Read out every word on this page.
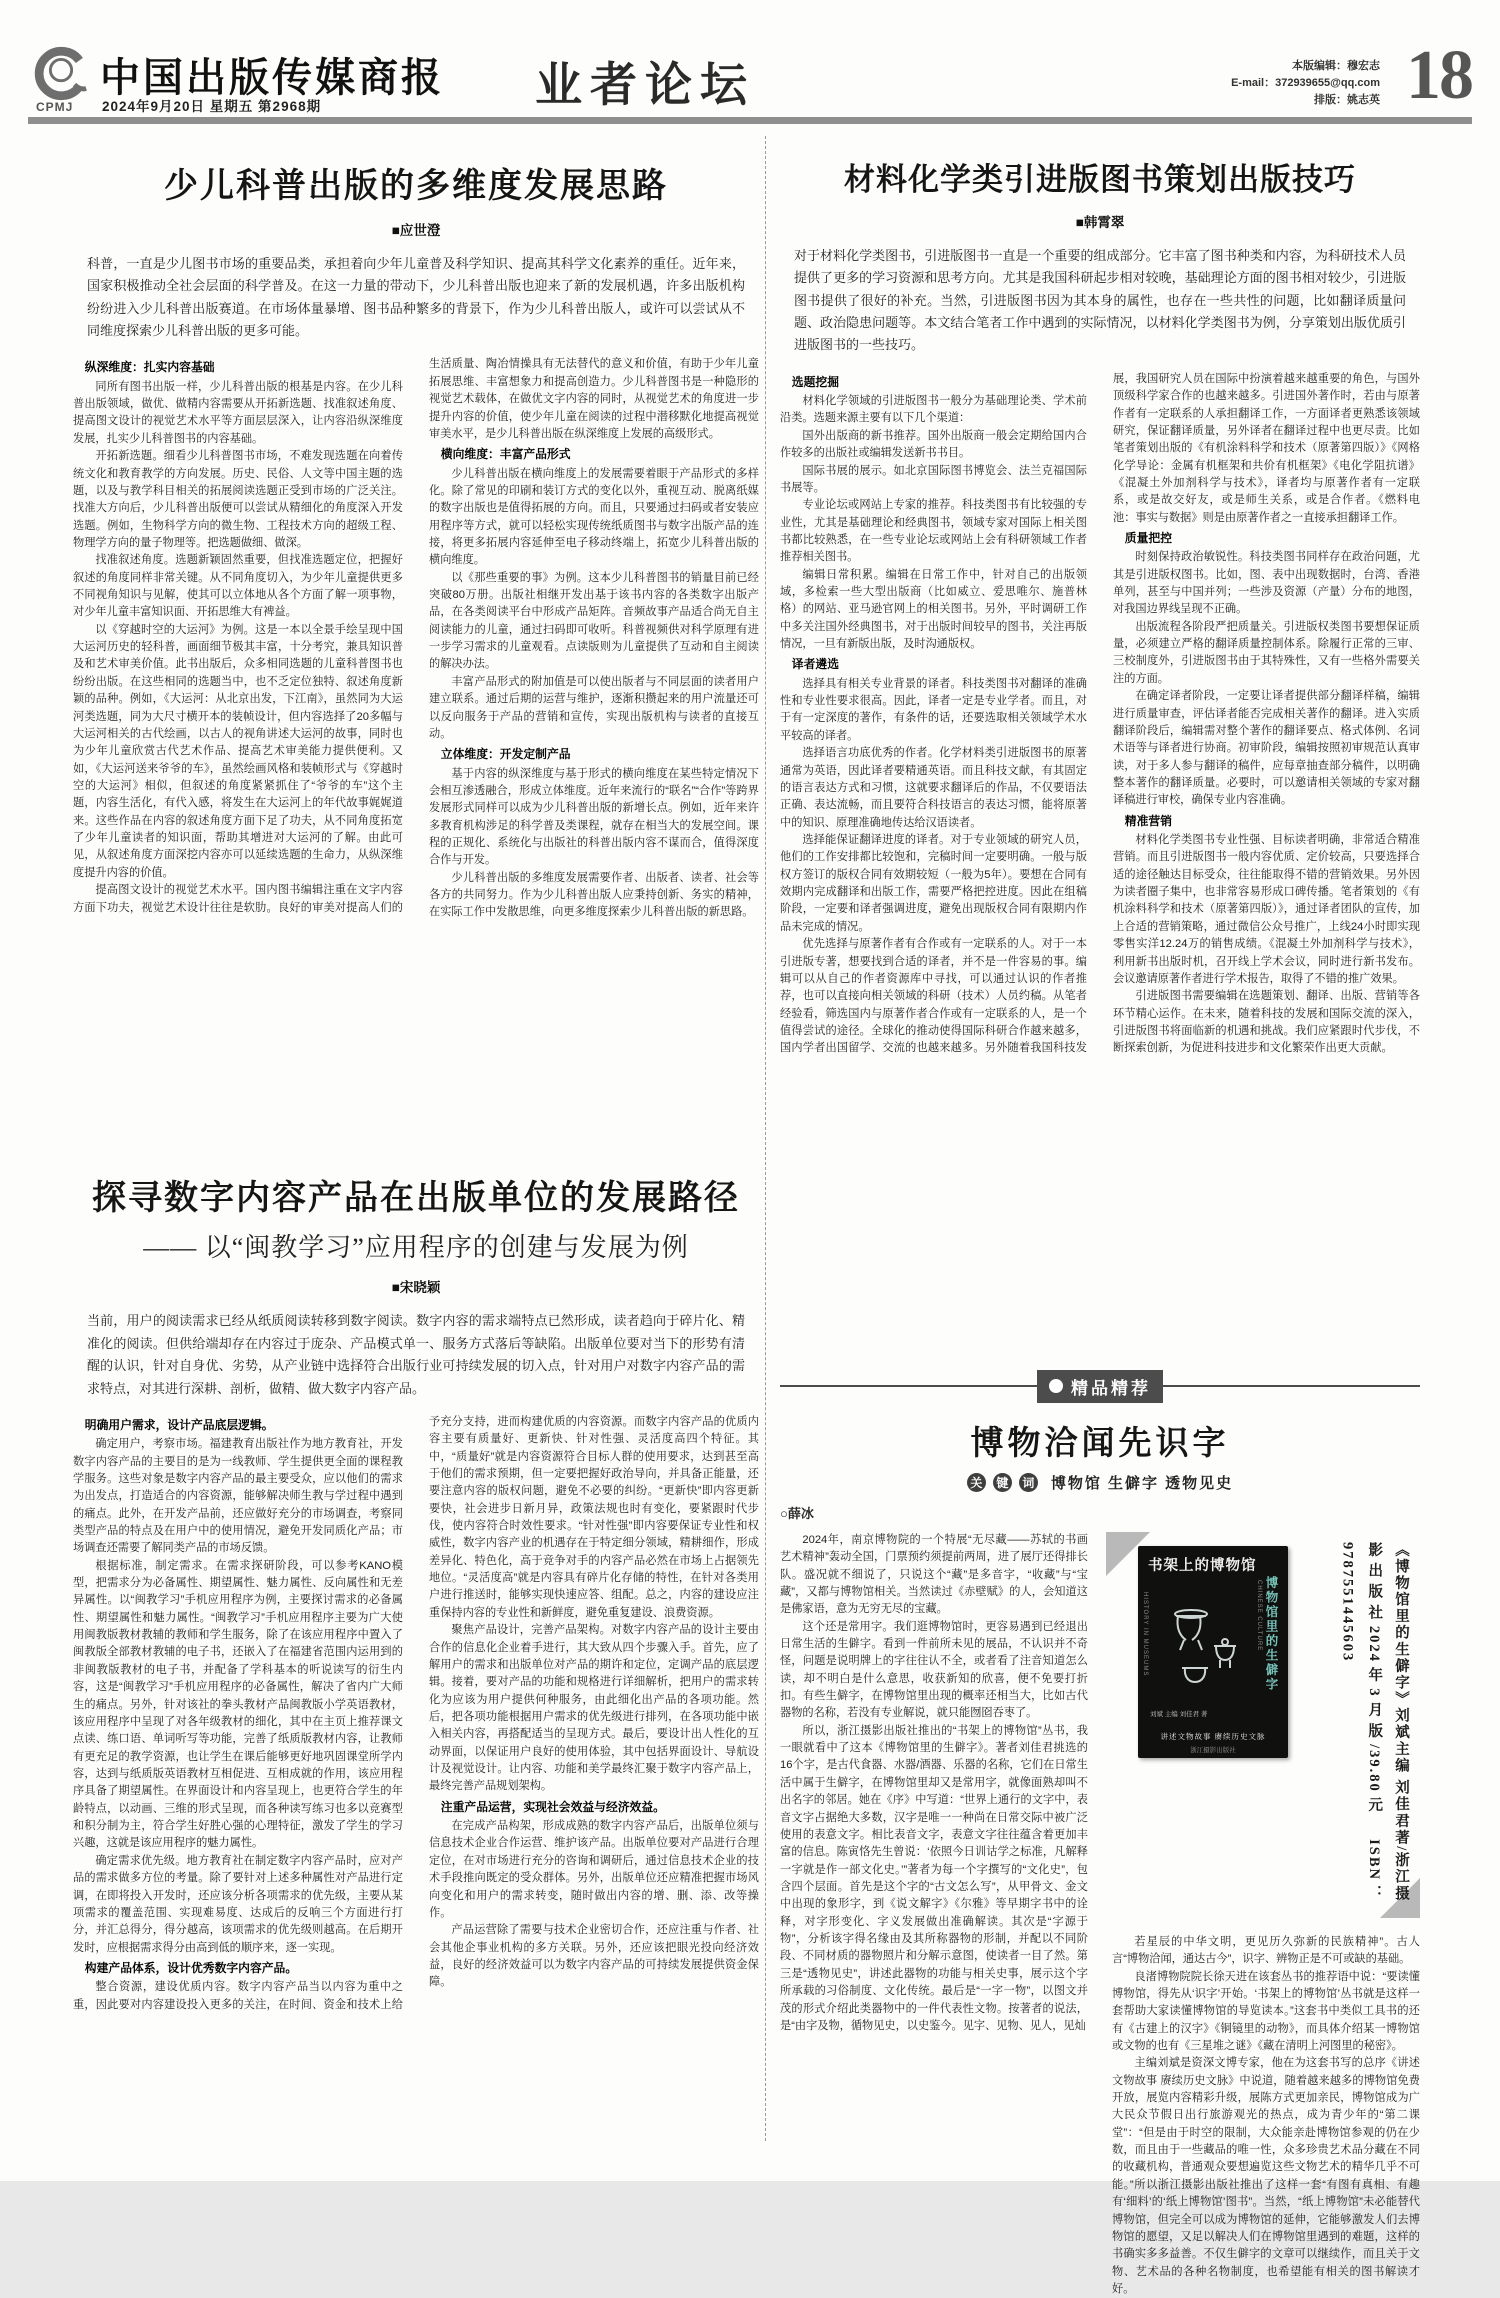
CPMJ
中国出版传媒商报
2024年9月20日 星期五 第2968期	业者论坛	本版编辑：穆宏志
E-mail：372939655@qq.com
排版：姚志英 18
少儿科普出版的多维度发展思路
■应世澄

科普，一直是少儿图书市场的重要品类，承担着向少年儿童普及科学知识、提高其科学文化素养的重任。近年来，国家积极推动全社会层面的科学普及。在这一力量的带动下，少儿科普出版也迎来了新的发展机遇，许多出版机构纷纷进入少儿科普出版赛道。在市场体量暴增、图书品种繁多的背景下，作为少儿科普出版人，或许可以尝试从不同维度探索少儿科普出版的更多可能。

纵深维度：扎实内容基础

同所有图书出版一样，少儿科普出版的根基是内容。在少儿科普出版领域，做优、做精内容需要从开拓新选题、找准叙述角度、提高图文设计的视觉艺术水平等方面层层深入，让内容沿纵深维度发展，扎实少儿科普图书的内容基础。

开拓新选题。细看少儿科普图书市场，不难发现选题在向着传统文化和教育教学的方向发展。历史、民俗、人文等中国主题的选题，以及与教学科目相关的拓展阅读选题正受到市场的广泛关注。找准大方向后，少儿科普出版便可以尝试从精细化的角度深入开发选题。例如，生物科学方向的微生物、工程技术方向的超级工程、物理学方向的量子物理等。把选题做细、做深。

找准叙述角度。选题新颖固然重要，但找准选题定位，把握好叙述的角度同样非常关键。从不同角度切入，为少年儿童提供更多不同视角知识与见解，使其可以立体地从各个方面了解一项事物，对少年儿童丰富知识面、开拓思维大有裨益。

以《穿越时空的大运河》为例。这是一本以全景手绘呈现中国大运河历史的轻科普，画面细节极其丰富，十分考究，兼具知识普及和艺术审美价值。此书出版后，众多相同选题的儿童科普图书也纷纷出版。在这些相同的选题当中，也不乏定位独特、叙述角度新颖的品种。例如，《大运河：从北京出发，下江南》，虽然同为大运河类选题，同为大尺寸横开本的装帧设计，但内容选择了20多幅与大运河相关的古代绘画，以古人的视角讲述大运河的故事，同时也为少年儿童欣赏古代艺术作品、提高艺术审美能力提供便利。又如，《大运河送来爷爷的车》，虽然绘画风格和装帧形式与《穿越时空的大运河》相似，但叙述的角度紧紧抓住了“爷爷的车”这个主题，内容生活化，有代入感，将发生在大运河上的年代故事娓娓道来。这些作品在内容的叙述角度方面下足了功夫，从不同角度拓宽了少年儿童读者的知识面，帮助其增进对大运河的了解。由此可见，从叙述角度方面深挖内容亦可以延续选题的生命力，从纵深维度提升内容的价值。

提高图文设计的视觉艺术水平。国内图书编辑注重在文字内容方面下功夫，视觉艺术设计往往是软肋。良好的审美对提高人们的生活质量、陶冶情操具有无法替代的意义和价值，有助于少年儿童拓展思维、丰富想象力和提高创造力。少儿科普图书是一种隐形的视觉艺术载体，在做优文字内容的同时，从视觉艺术的角度进一步提升内容的价值，使少年儿童在阅读的过程中潜移默化地提高视觉审美水平，是少儿科普出版在纵深维度上发展的高级形式。

横向维度：丰富产品形式

少儿科普出版在横向维度上的发展需要着眼于产品形式的多样化。除了常见的印刷和装订方式的变化以外，重视互动、脱离纸媒的数字出版也是值得拓展的方向。而且，只要通过扫码或者安装应用程序等方式，就可以轻松实现传统纸质图书与数字出版产品的连接，将更多拓展内容延伸至电子移动终端上，拓宽少儿科普出版的横向维度。

以《那些重要的事》为例。这本少儿科普图书的销量目前已经突破80万册。出版社相继开发出基于该书内容的各类数字出版产品，在各类阅读平台中形成产品矩阵。音频故事产品适合尚无自主阅读能力的儿童，通过扫码即可收听。科普视频供对科学原理有进一步学习需求的儿童观看。点读版则为儿童提供了互动和自主阅读的解决办法。

丰富产品形式的附加值是可以使出版者与不同层面的读者用户建立联系。通过后期的运营与维护，逐渐积攒起来的用户流量还可以反向服务于产品的营销和宣传，实现出版机构与读者的直接互动。

立体维度：开发定制产品

基于内容的纵深维度与基于形式的横向维度在某些特定情况下会相互渗透融合，形成立体维度。近年来流行的“联名”“合作”等跨界发展形式同样可以成为少儿科普出版的新增长点。例如，近年来许多教育机构涉足的科学普及类课程，就存在相当大的发展空间。课程的正规化、系统化与出版社的科普出版内容不谋而合，值得深度合作与开发。

少儿科普出版的多维度发展需要作者、出版者、读者、社会等各方的共同努力。作为少儿科普出版人应秉持创新、务实的精神，在实际工作中发散思维，向更多维度探索少儿科普出版的新思路。

探寻数字内容产品在出版单位的发展路径
—— 以“闽教学习”应用程序的创建与发展为例
■宋晓颖

当前，用户的阅读需求已经从纸质阅读转移到数字阅读。数字内容的需求端特点已然形成，读者趋向于碎片化、精准化的阅读。但供给端却存在内容过于庞杂、产品模式单一、服务方式落后等缺陷。出版单位要对当下的形势有清醒的认识，针对自身优、劣势，从产业链中选择符合出版行业可持续发展的切入点，针对用户对数字内容产品的需求特点，对其进行深耕、剖析，做精、做大数字内容产品。

明确用户需求，设计产品底层逻辑。

确定用户，考察市场。福建教育出版社作为地方教育社，开发数字内容产品的主要目的是为一线教师、学生提供更全面的课程教学服务。这些对象是数字内容产品的最主要受众，应以他们的需求为出发点，打造适合的内容资源，能够解决师生教与学过程中遇到的痛点。此外，在开发产品前，还应做好充分的市场调查，考察同类型产品的特点及在用户中的使用情况，避免开发同质化产品；市场调查还需要了解同类产品的市场反馈。

根据标准，制定需求。在需求探研阶段，可以参考KANO模型，把需求分为必备属性、期望属性、魅力属性、反向属性和无差异属性。以“闽教学习”手机应用程序为例，主要探讨需求的必备属性、期望属性和魅力属性。“闽教学习”手机应用程序主要为广大使用闽教版教材教辅的教师和学生服务，除了在该应用程序中置入了闽教版全部教材教辅的电子书，还嵌入了在福建省范围内运用到的非闽教版教材的电子书，并配备了学科基本的听说读写的衍生内容，这是“闽教学习”手机应用程序的必备属性，解决了省内广大师生的痛点。另外，针对该社的拳头教材产品闽教版小学英语教材，该应用程序中呈现了对各年级教材的细化，其中在主页上推荐课文点读、练口语、单词听写等功能，完善了纸质版教材内容，让教师有更充足的教学资源，也让学生在课后能够更好地巩固课堂所学内容，达到与纸质版英语教材互相促进、互相成就的作用，该应用程序具备了期望属性。在界面设计和内容呈现上，也更符合学生的年龄特点，以动画、三维的形式呈现，而各种读写练习也多以竞赛型和积分制为主，符合学生好胜心强的心理特征，激发了学生的学习兴趣，这就是该应用程序的魅力属性。

确定需求优先级。地方教育社在制定数字内容产品时，应对产品的需求做多方位的考量。除了要针对上述多种属性对产品进行定调，在即将投入开发时，还应该分析各项需求的优先级，主要从某项需求的覆盖范围、实现难易度、达成后的反响三个方面进行打分，并汇总得分，得分越高，该项需求的优先级则越高。在后期开发时，应根据需求得分由高到低的顺序来，逐一实现。

构建产品体系，设计优秀数字内容产品。

整合资源，建设优质内容。数字内容产品当以内容为重中之重，因此要对内容建设投入更多的关注，在时间、资金和技术上给予充分支持，进而构建优质的内容资源。而数字内容产品的优质内容主要有质量好、更新快、针对性强、灵活度高四个特征。其中，“质量好”就是内容资源符合目标人群的使用要求，达到甚至高于他们的需求预期，但一定要把握好政治导向，并具备正能量，还要注意内容的版权问题，避免不必要的纠纷。“更新快”即内容更新要快，社会进步日新月异，政策法规也时有变化，要紧跟时代步伐，使内容符合时效性要求。“针对性强”即内容要保证专业性和权威性，数字内容产业的机遇存在于特定细分领域，精耕细作，形成差异化、特色化，高于竞争对手的内容产品必然在市场上占据领先地位。“灵活度高”就是内容具有碎片化存储的特性，在针对各类用户进行推送时，能够实现快速应答、组配。总之，内容的建设应注重保持内容的专业性和新鲜度，避免重复建设、浪费资源。

聚焦产品设计，完善产品架构。对数字内容产品的设计主要由合作的信息化企业着手进行，其大致从四个步骤入手。首先，应了解用户的需求和出版单位对产品的期许和定位，定调产品的底层逻辑。接着，要对产品的功能和规格进行详细解析，把用户的需求转化为应该为用户提供何种服务，由此细化出产品的各项功能。然后，把各项功能根据用户需求的优先级进行排列，在各项功能中嵌入相关内容，再搭配适当的呈现方式。最后，要设计出人性化的互动界面，以保证用户良好的使用体验，其中包括界面设计、导航设计及视觉设计。让内容、功能和美学最终汇聚于数字内容产品上，最终完善产品规划架构。

注重产品运营，实现社会效益与经济效益。

在完成产品构架，形成成熟的数字内容产品后，出版单位须与信息技术企业合作运营、维护该产品。出版单位要对产品进行合理定位，在对市场进行充分的咨询和调研后，通过信息技术企业的技术手段推向既定的受众群体。另外，出版单位还应精准把握市场风向变化和用户的需求转变，随时做出内容的增、删、添、改等操作。

产品运营除了需要与技术企业密切合作，还应注重与作者、社会其他企事业机构的多方关联。另外，还应该把眼光投向经济效益，良好的经济效益可以为数字内容产品的可持续发展提供资金保障。

材料化学类引进版图书策划出版技巧
■韩霄翠

对于材料化学类图书，引进版图书一直是一个重要的组成部分。它丰富了图书种类和内容，为科研技术人员提供了更多的学习资源和思考方向。尤其是我国科研起步相对较晚，基础理论方面的图书相对较少，引进版图书提供了很好的补充。当然，引进版图书因为其本身的属性，也存在一些共性的问题，比如翻译质量问题、政治隐患问题等。本文结合笔者工作中遇到的实际情况，以材料化学类图书为例，分享策划出版优质引进版图书的一些技巧。

选题挖掘

材料化学领域的引进版图书一般分为基础理论类、学术前沿类。选题来源主要有以下几个渠道：

国外出版商的新书推荐。国外出版商一般会定期给国内合作较多的出版社或编辑发送新书书目。

国际书展的展示。如北京国际图书博览会、法兰克福国际书展等。

专业论坛或网站上专家的推荐。科技类图书有比较强的专业性，尤其是基础理论和经典图书，领域专家对国际上相关图书都比较熟悉，在一些专业论坛或网站上会有科研领域工作者推荐相关图书。

编辑日常积累。编辑在日常工作中，针对自己的出版领域，多检索一些大型出版商（比如威立、爱思唯尔、施普林格）的网站、亚马逊官网上的相关图书。另外，平时调研工作中多关注国外经典图书，对于出版时间较早的图书，关注再版情况，一旦有新版出版，及时沟通版权。

译者遴选

选择具有相关专业背景的译者。科技类图书对翻译的准确性和专业性要求很高。因此，译者一定是专业学者。而且，对于有一定深度的著作，有条件的话，还要选取相关领域学术水平较高的译者。

选择语言功底优秀的作者。化学材料类引进版图书的原著通常为英语，因此译者要精通英语。而且科技文献，有其固定的语言表达方式和习惯，这就要求翻译后的作品，不仅要语法正确、表达流畅，而且要符合科技语言的表达习惯，能将原著中的知识、原理准确地传达给汉语读者。

选择能保证翻译进度的译者。对于专业领域的研究人员，他们的工作安排都比较饱和，完稿时间一定要明确。一般与版权方签订的版权合同有效期较短（一般为5年）。要想在合同有效期内完成翻译和出版工作，需要严格把控进度。因此在组稿阶段，一定要和译者强调进度，避免出现版权合同有限期内作品未完成的情况。

优先选择与原著作者有合作或有一定联系的人。对于一本引进版专著，想要找到合适的译者，并不是一件容易的事。编辑可以从自己的作者资源库中寻找，可以通过认识的作者推荐，也可以直接向相关领域的科研（技术）人员约稿。从笔者经验看，筛选国内与原著作者合作或有一定联系的人，是一个值得尝试的途径。全球化的推动使得国际科研合作越来越多，国内学者出国留学、交流的也越来越多。另外随着我国科技发展，我国研究人员在国际中扮演着越来越重要的角色，与国外顶级科学家合作的也越来越多。引进国外著作时，若由与原著作者有一定联系的人承担翻译工作，一方面译者更熟悉该领域研究，保证翻译质量，另外译者在翻译过程中也更尽责。比如笔者策划出版的《有机涂料科学和技术（原著第四版）》《网格化学导论：金属有机框架和共价有机框架》《电化学阻抗谱》《混凝土外加剂科学与技术》，译者均与原著作者有一定联系，或是故交好友，或是师生关系，或是合作者。《燃料电池：事实与数据》则是由原著作者之一直接承担翻译工作。

质量把控

时刻保持政治敏锐性。科技类图书同样存在政治问题，尤其是引进版权图书。比如，图、表中出现数据时，台湾、香港单列，甚至与中国并列；一些涉及资源（产量）分布的地图，对我国边界线呈现不正确。

出版流程各阶段严把质量关。引进版权类图书要想保证质量，必须建立严格的翻译质量控制体系。除履行正常的三审、三校制度外，引进版图书由于其特殊性，又有一些格外需要关注的方面。

在确定译者阶段，一定要让译者提供部分翻译样稿，编辑进行质量审查，评估译者能否完成相关著作的翻译。进入实质翻译阶段后，编辑需对整个著作的翻译要点、格式体例、名词术语等与译者进行协商。初审阶段，编辑按照初审规范认真审读，对于多人参与翻译的稿件，应每章抽查部分稿件，以明确整本著作的翻译质量。必要时，可以邀请相关领域的专家对翻译稿进行审校，确保专业内容准确。

精准营销

材料化学类图书专业性强、目标读者明确，非常适合精准营销。而且引进版图书一般内容优质、定价较高，只要选择合适的途径触达目标受众，往往能取得不错的营销效果。另外因为读者圈子集中，也非常容易形成口碑传播。笔者策划的《有机涂料科学和技术（原著第四版）》，通过译者团队的宣传，加上合适的营销策略，通过微信公众号推广，上线24小时即实现零售实洋12.24万的销售成绩。《混凝土外加剂科学与技术》，利用新书出版时机，召开线上学术会议，同时进行新书发布。会议邀请原著作者进行学术报告，取得了不错的推广效果。

引进版图书需要编辑在选题策划、翻译、出版、营销等各环节精心运作。在未来，随着科技的发展和国际交流的深入，引进版图书将面临新的机遇和挑战。我们应紧跟时代步伐，不断探索创新，为促进科技进步和文化繁荣作出更大贡献。

精品精荐
博物洽闻先识字
关 键 词 博物馆 生僻字 透物见史
○薛冰

2024年，南京博物院的一个特展“无尽藏——苏轼的书画艺术精神”轰动全国，门票预约须提前两周，进了展厅还得排长队。盛况就不细说了，只说这个“藏”是多音字，“收藏”与“宝藏”，又都与博物馆相关。当然读过《赤壁赋》的人，会知道这是佛家语，意为无穷无尽的宝藏。

这个还是常用字。我们逛博物馆时，更容易遇到已经退出日常生活的生僻字。看到一件前所未见的展品，不认识并不奇怪，问题是说明牌上的字往往认不全，或者看了注音知道怎么读，却不明白是什么意思，收获新知的欣喜，便不免要打折扣。有些生僻字，在博物馆里出现的概率还相当大，比如古代器物的名称，若没有专业解说，就只能囫囵吞枣了。

所以，浙江摄影出版社推出的“书架上的博物馆”丛书，我一眼就看中了这本《博物馆里的生僻字》。著者刘佳君挑选的16个字，是古代食器、水器/酒器、乐器的名称，它们在日常生活中属于生僻字，在博物馆里却又是常用字，就像面熟却叫不出名字的邻居。她在《序》中写道：“世界上通行的文字中，表音文字占据绝大多数，汉字是唯一一种尚在日常交际中被广泛使用的表意文字。相比表音文字，表意文字往往蕴含着更加丰富的信息。陈寅恪先生曾说：‘依照今日训诂学之标准，凡解释一字就是作一部文化史。’”著者为每一个字撰写的“文化史”，包含四个层面。首先是这个字的“古文怎么写”，从甲骨文、金文中出现的象形字，到《说文解字》《尔雅》等早期字书中的诠释，对字形变化、字义发展做出准确解读。其次是“字源于物”，分析该字得名缘由及其所称器物的形制，并配以不同阶段、不同材质的器物照片和分解示意图，使读者一目了然。第三是“透物见史”，讲述此器物的功能与相关史事，展示这个字所承载的习俗制度、文化传统。最后是“一字一物”，以图文并茂的形式介绍此类器物中的一件代表性文物。按著者的说法，是“由字及物，循物见史，以史鉴今。见字、见物、见人，见灿

书架上的博物馆
博物馆里的生僻字
HISTORY IN MUSEUMS	CHINESE CULTURE
刘斌 主编 刘佳君 著
讲述文物故事 赓续历史文脉
浙江摄影出版社	《博物馆里的生僻字》刘斌主编 刘佳君著/浙江摄影出版社2024年3月版/39.80元　ISBN：9787551445603

若星辰的中华文明，更见历久弥新的民族精神”。古人言“博物洽闻，通达古今”，识字、辨物正是不可或缺的基础。

良渚博物院院长徐天进在该套丛书的推荐语中说：“要读懂博物馆，得先从‘识字’开始。‘书架上的博物馆’丛书就是这样一套帮助大家读懂博物馆的导览读本。”这套书中类似工具书的还有《古建上的汉字》《铜镜里的动物》，而具体介绍某一博物馆或文物的也有《三星堆之谜》《藏在清明上河图里的秘密》。

主编刘斌是资深文博专家，他在为这套书写的总序《讲述文物故事 赓续历史文脉》中说道，随着越来越多的博物馆免费开放，展览内容精彩升级，展陈方式更加亲民，博物馆成为广大民众节假日出行旅游观光的热点，成为青少年的“第二课堂”：“但是由于时空的限制，大众能亲赴博物馆参观的仍在少数，而且由于一些藏品的唯一性，众多珍贵艺术品分藏在不同的收藏机构，普通观众要想遍览这些文物艺术的精华几乎不可能。”所以浙江摄影出版社推出了这样一套“有图有真相、有趣有‘细料’的‘纸上博物馆’图书”。当然，“纸上博物馆”未必能替代博物馆，但完全可以成为博物馆的延伸，它能够激发人们去博物馆的愿望，又足以解决人们在博物馆里遇到的难题，这样的书确实多多益善。不仅生僻字的文章可以继续作，而且关于文物、艺术品的各种名物制度，也希望能有相关的图书解读才好。
